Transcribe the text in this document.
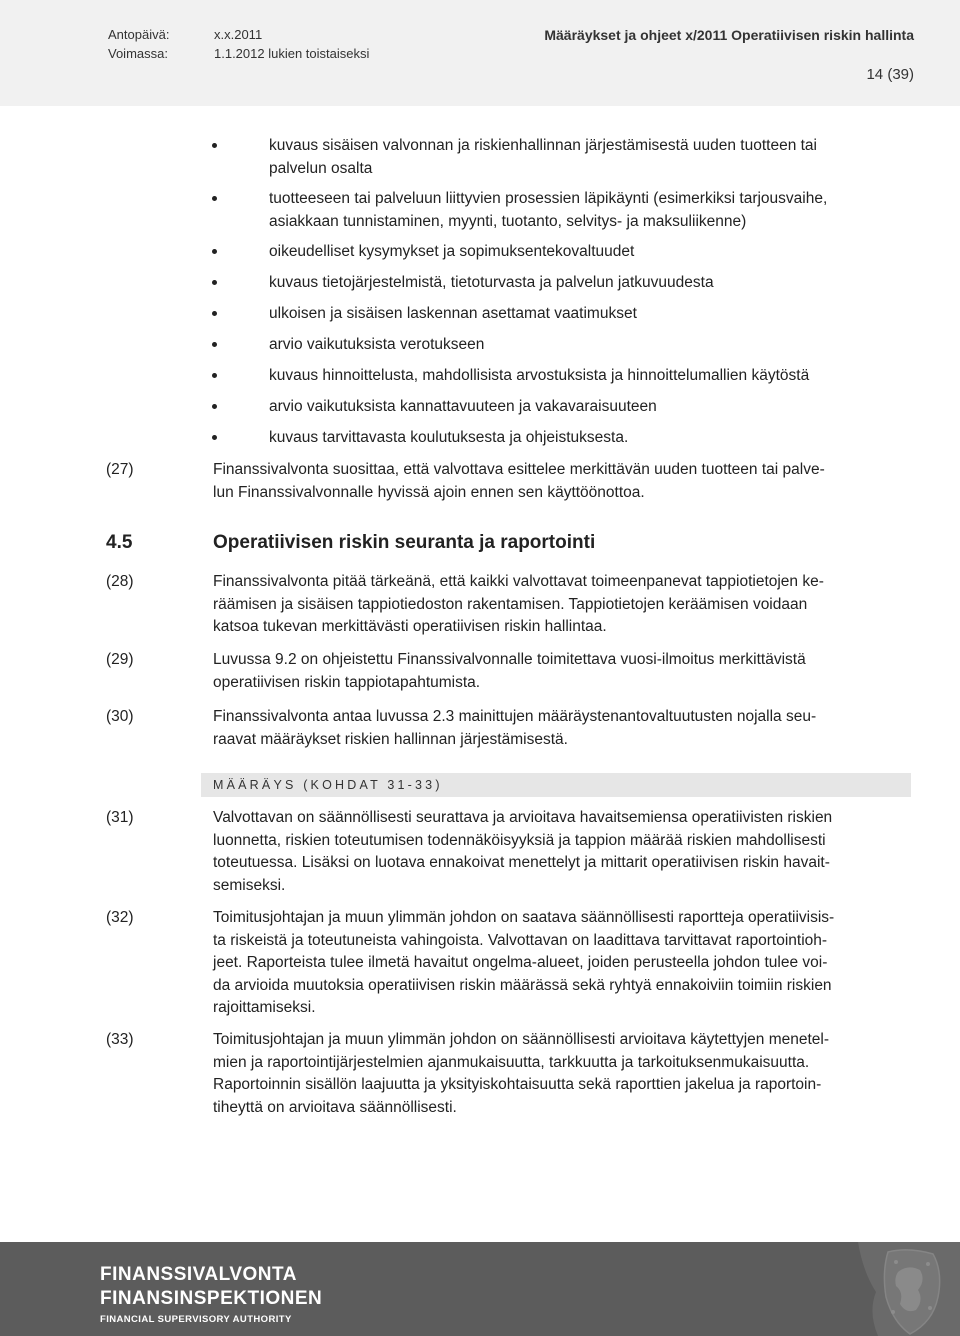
Antopäivä:	x.x.2011	Määräykset ja ohjeet x/2011 Operatiivisen riskin hallinta
Voimassa:	1.1.2012 lukien toistaiseksi
14 (39)
kuvaus sisäisen valvonnan ja riskienhallinnan järjestämisestä uuden tuotteen tai
palvelun osalta
tuotteeseen tai palveluun liittyvien prosessien läpikäynti (esimerkiksi tarjousvaihe,
asiakkaan tunnistaminen, myynti, tuotanto, selvitys- ja maksuliikenne)
oikeudelliset kysymykset ja sopimuksentekovaltuudet
kuvaus tietojärjestelmistä, tietoturvasta ja palvelun jatkuvuudesta
ulkoisen ja sisäisen laskennan asettamat vaatimukset
arvio vaikutuksista verotukseen
kuvaus hinnoittelusta, mahdollisista arvostuksista ja hinnoittelumallien käytöstä
arvio vaikutuksista kannattavuuteen ja vakavaraisuuteen
kuvaus tarvittavasta koulutuksesta ja ohjeistuksesta.
(27)	Finanssivalvonta suosittaa, että valvottava esittelee merkittävän uuden tuotteen tai palve-
lun Finanssivalvonnalle hyvissä ajoin ennen sen käyttöönottoa.
4.5	Operatiivisen riskin seuranta ja raportointi
(28)	Finanssivalvonta pitää tärkeänä, että kaikki valvottavat toimeenpanevat tappiotietojen ke-
räämisen ja sisäisen tappiotiedoston rakentamisen. Tappiotietojen keräämisen voidaan
katsoa tukevan merkittävästi operatiivisen riskin hallintaa.
(29)	Luvussa 9.2 on ohjeistettu Finanssivalvonnalle toimitettava vuosi-ilmoitus merkittävistä
operatiivisen riskin tappiotapahtumista.
(30)	Finanssivalvonta antaa luvussa 2.3 mainittujen määräystenantovaltuutusten nojalla seu-
raavat määräykset riskien hallinnan järjestämisestä.
MÄÄRÄYS (KOHDAT 31-33)
(31)	Valvottavan on säännöllisesti seurattava ja arvioitava havaitsemiensa operatiivisten riskien
luonnetta, riskien toteutumisen todennäköisyyksiä ja tappion määrää riskien mahdollisesti
toteutuessa. Lisäksi on luotava ennakoivat menettelyt ja mittarit operatiivisen riskin havait-
semiseksi.
(32)	Toimitusjohtajan ja muun ylimmän johdon on saatava säännöllisesti raportteja operatiivisis-
ta riskeistä ja toteutuneista vahingoista. Valvottavan on laadittava tarvittavat raportointioh-
jeet. Raporteista tulee ilmetä havaitut ongelma-alueet, joiden perusteella johdon tulee voi-
da arvioida muutoksia operatiivisen riskin määrässä sekä ryhtyä ennakoiviin toimiin riskien
rajoittamiseksi.
(33)	Toimitusjohtajan ja muun ylimmän johdon on säännöllisesti arvioitava käytettyjen menetel-
mien ja raportointijärjestelmien ajanmukaisuutta, tarkkuutta ja tarkoituksenmukaisuutta.
Raportoinnin sisällön laajuutta ja yksityiskohtaisuutta sekä raporttien jakelua ja raportoin-
tiheyttä on arvioitava säännöllisesti.
FINANSSIVALVONTA
FINANSINSPEKTIONEN
FINANCIAL SUPERVISORY AUTHORITY
